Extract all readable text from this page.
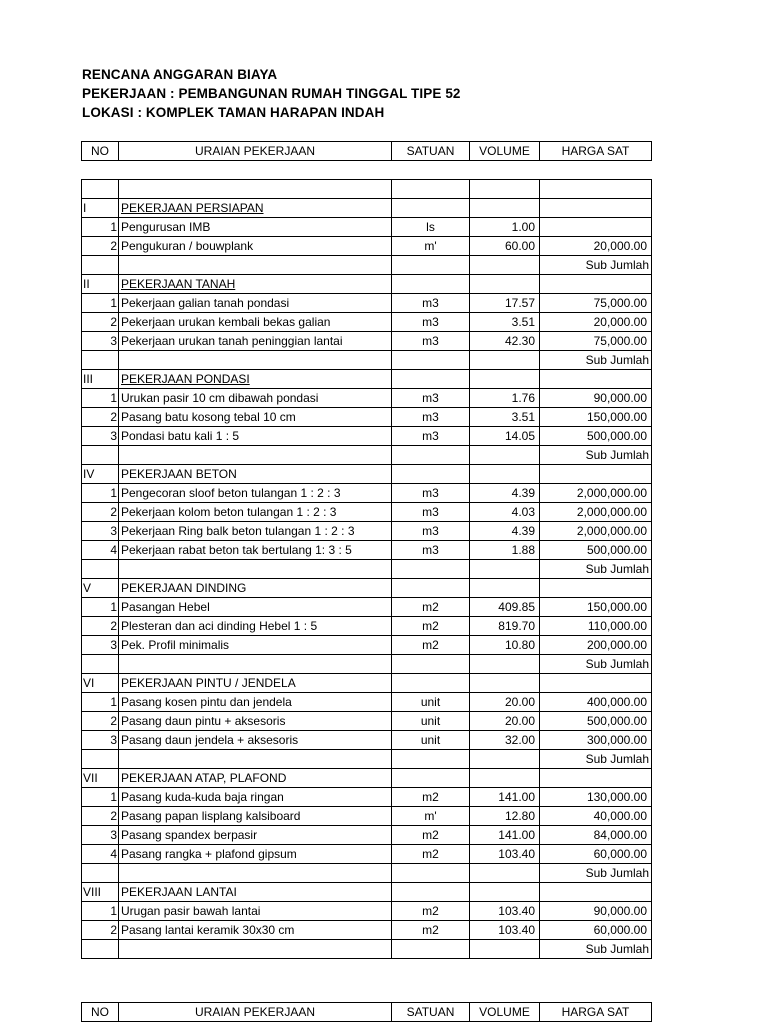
RENCANA ANGGARAN BIAYA
PEKERJAAN : PEMBANGUNAN RUMAH TINGGAL TIPE 52
LOKASI : KOMPLEK TAMAN HARAPAN INDAH
NO	URAIAN PEKERJAAN	SATUAN	VOLUME	HARGA SAT

I	PEKERJAAN PERSIAPAN			
1	Pengurusan IMB	ls	1.00	
2	Pengukuran / bouwplank	m'	60.00	20,000.00
				Sub Jumlah
II	PEKERJAAN TANAH			
1	Pekerjaan galian tanah pondasi	m3	17.57	75,000.00
2	Pekerjaan urukan kembali bekas galian	m3	3.51	20,000.00
3	Pekerjaan urukan tanah peninggian lantai	m3	42.30	75,000.00
				Sub Jumlah
III	PEKERJAAN PONDASI			
1	Urukan pasir 10 cm dibawah pondasi	m3	1.76	90,000.00
2	Pasang batu kosong tebal 10 cm	m3	3.51	150,000.00
3	Pondasi batu kali 1 : 5	m3	14.05	500,000.00
				Sub Jumlah
IV	PEKERJAAN BETON			
1	Pengecoran sloof beton tulangan 1 : 2 : 3	m3	4.39	2,000,000.00
2	Pekerjaan kolom beton tulangan 1 : 2 : 3	m3	4.03	2,000,000.00
3	Pekerjaan Ring balk beton tulangan 1 : 2 : 3	m3	4.39	2,000,000.00
4	Pekerjaan rabat beton tak bertulang 1: 3 : 5	m3	1.88	500,000.00
				Sub Jumlah
V	PEKERJAAN DINDING			
1	Pasangan Hebel	m2	409.85	150,000.00
2	Plesteran dan aci dinding Hebel 1 : 5	m2	819.70	110,000.00
3	Pek. Profil minimalis	m2	10.80	200,000.00
				Sub Jumlah
VI	PEKERJAAN PINTU / JENDELA			
1	Pasang kosen pintu dan jendela	unit	20.00	400,000.00
2	Pasang daun pintu + aksesoris	unit	20.00	500,000.00
3	Pasang daun jendela + aksesoris	unit	32.00	300,000.00
				Sub Jumlah
VII	PEKERJAAN ATAP, PLAFOND			
1	Pasang kuda-kuda baja ringan	m2	141.00	130,000.00
2	Pasang papan lisplang kalsiboard	m'	12.80	40,000.00
3	Pasang spandex berpasir	m2	141.00	84,000.00
4	Pasang rangka + plafond gipsum	m2	103.40	60,000.00
				Sub Jumlah
VIII	PEKERJAAN LANTAI			
1	Urugan pasir bawah lantai	m2	103.40	90,000.00
2	Pasang lantai keramik 30x30 cm	m2	103.40	60,000.00
				Sub Jumlah
NO	URAIAN PEKERJAAN	SATUAN	VOLUME	HARGA SAT
